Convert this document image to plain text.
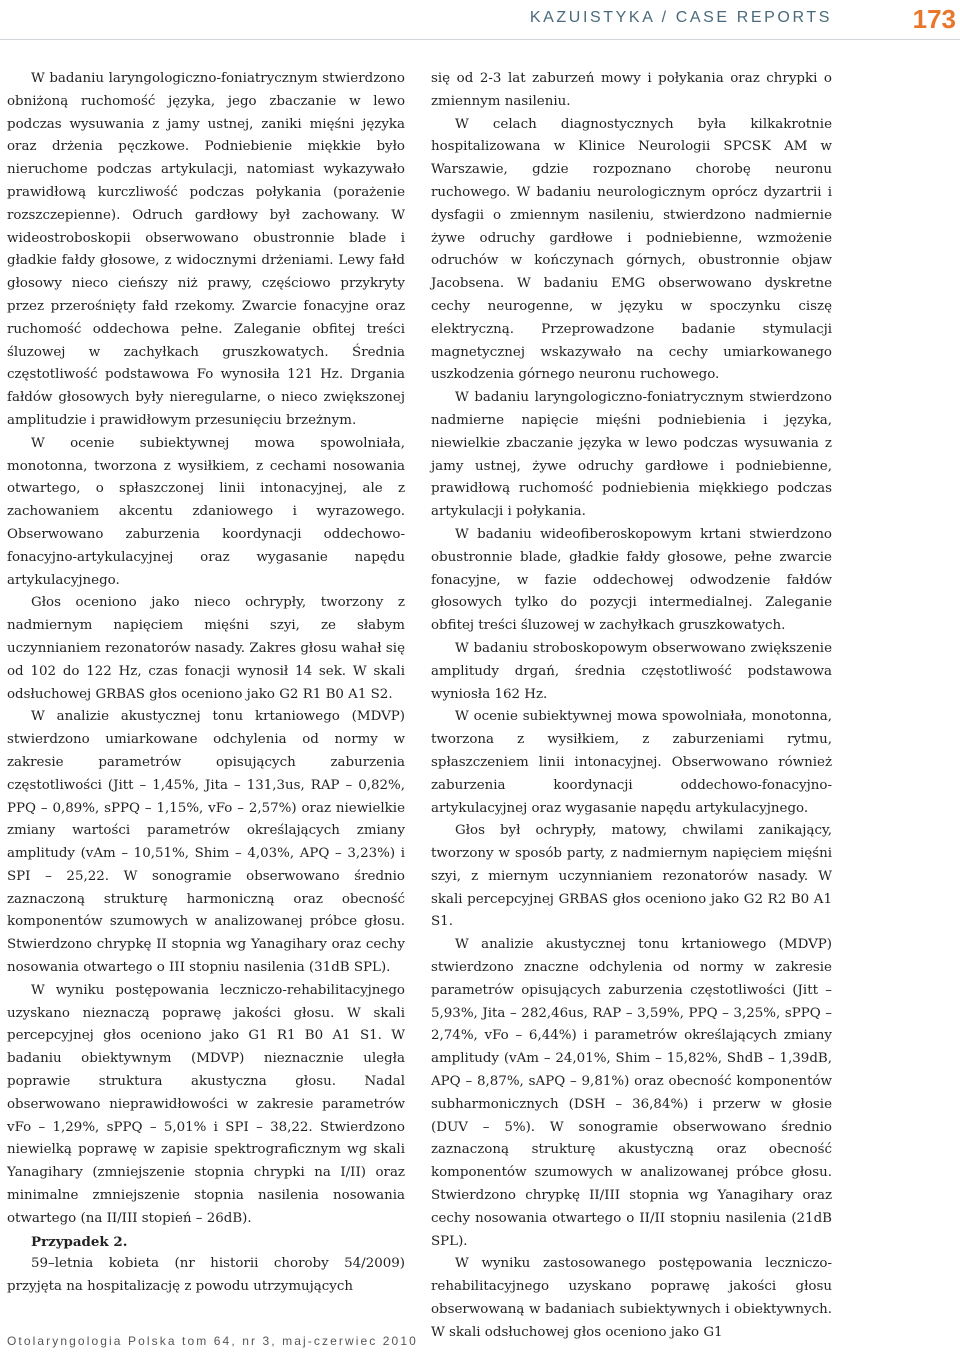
KAZUISTYKA / CASE REPORTS	173

W badaniu laryngologiczno-foniatrycznym stwierdzono obniżoną ruchomość języka, jego zbaczanie w lewo podczas wysuwania z jamy ustnej, zaniki mięśni języka oraz drżenia pęczkowe. Podniebienie miękkie było nieruchome podczas artykulacji, natomiast wykazywało prawidłową kurczliwość podczas połykania (porażenie rozszczepienne). Odruch gardłowy był zachowany. W wideostroboskopii obserwowano obustronnie blade i gładkie fałdy głosowe, z widocznymi drżeniami. Lewy fałd głosowy nieco cieńszy niż prawy, częściowo przykryty przez przerośnięty fałd rzekomy. Zwarcie fonacyjne oraz ruchomość oddechowa pełne. Zaleganie obfitej treści śluzowej w zachyłkach gruszkowatych. Średnia częstotliwość podstawowa Fo wynosiła 121 Hz. Drgania fałdów głosowych były nieregularne, o nieco zwiększonej amplitudzie i prawidłowym przesunięciu brzeżnym.

W ocenie subiektywnej mowa spowolniała, monotonna, tworzona z wysiłkiem, z cechami nosowania otwartego, o spłaszczonej linii intonacyjnej, ale z zachowaniem akcentu zdaniowego i wyrazowego. Obserwowano zaburzenia koordynacji oddechowo-fonacyjno-artykulacyjnej oraz wygasanie napędu artykulacyjnego.

Głos oceniono jako nieco ochrypły, tworzony z nadmiernym napięciem mięśni szyi, ze słabym uczynnianiem rezonatorów nasady. Zakres głosu wahał się od 102 do 122 Hz, czas fonacji wynosił 14 sek. W skali odsłuchowej GRBAS głos oceniono jako G2 R1 B0 A1 S2.

W analizie akustycznej tonu krtaniowego (MDVP) stwierdzono umiarkowane odchylenia od normy w zakresie parametrów opisujących zaburzenia częstotliwości (Jitt – 1,45%, Jita – 131,3us, RAP – 0,82%, PPQ – 0,89%, sPPQ – 1,15%, vFo – 2,57%) oraz niewielkie zmiany wartości parametrów określających zmiany amplitudy (vAm – 10,51%, Shim – 4,03%, APQ – 3,23%) i SPI – 25,22. W sonogramie obserwowano średnio zaznaczoną strukturę harmoniczną oraz obecność komponentów szumowych w analizowanej próbce głosu. Stwierdzono chrypkę II stopnia wg Yanagihary oraz cechy nosowania otwartego o III stopniu nasilenia (31dB SPL).

W wyniku postępowania leczniczo-rehabilitacyjnego uzyskano nieznaczą poprawę jakości głosu. W skali percepcyjnej głos oceniono jako G1 R1 B0 A1 S1. W badaniu obiektywnym (MDVP) nieznacznie uległa poprawie struktura akustyczna głosu. Nadal obserwowano nieprawidłowości w zakresie parametrów vFo – 1,29%, sPPQ – 5,01% i SPI – 38,22. Stwierdzono niewielką poprawę w zapisie spektrograficznym wg skali Yanagihary (zmniejszenie stopnia chrypki na I/II) oraz minimalne zmniejszenie stopnia nasilenia nosowania otwartego (na II/III stopień – 26dB).

Przypadek 2.

59–letnia kobieta (nr historii choroby 54/2009) przyjęta na hospitalizację z powodu utrzymujących

się od 2-3 lat zaburzeń mowy i połykania oraz chrypki o zmiennym nasileniu.

W celach diagnostycznych była kilkakrotnie hospitalizowana w Klinice Neurologii SPCSK AM w Warszawie, gdzie rozpoznano chorobę neuronu ruchowego. W badaniu neurologicznym oprócz dyzartrii i dysfagii o zmiennym nasileniu, stwierdzono nadmiernie żywe odruchy gardłowe i podniebienne, wzmożenie odruchów w kończynach górnych, obustronnie objaw Jacobsena. W badaniu EMG obserwowano dyskretne cechy neurogenne, w języku w spoczynku ciszę elektryczną. Przeprowadzone badanie stymulacji magnetycznej wskazywało na cechy umiarkowanego uszkodzenia górnego neuronu ruchowego.

W badaniu laryngologiczno-foniatrycznym stwierdzono nadmierne napięcie mięśni podniebienia i języka, niewielkie zbaczanie języka w lewo podczas wysuwania z jamy ustnej, żywe odruchy gardłowe i podniebienne, prawidłową ruchomość podniebienia miękkiego podczas artykulacji i połykania.

W badaniu wideofiberoskopowym krtani stwierdzono obustronnie blade, gładkie fałdy głosowe, pełne zwarcie fonacyjne, w fazie oddechowej odwodzenie fałdów głosowych tylko do pozycji intermedialnej. Zaleganie obfitej treści śluzowej w zachyłkach gruszkowatych.

W badaniu stroboskopowym obserwowano zwiększenie amplitudy drgań, średnia częstotliwość podstawowa wyniosła 162 Hz.

W ocenie subiektywnej mowa spowolniała, monotonna, tworzona z wysiłkiem, z zaburzeniami rytmu, spłaszczeniem linii intonacyjnej. Obserwowano również zaburzenia koordynacji oddechowo-fonacyjno-artykulacyjnej oraz wygasanie napędu artykulacyjnego.

Głos był ochrypły, matowy, chwilami zanikający, tworzony w sposób party, z nadmiernym napięciem mięśni szyi, z miernym uczynnianiem rezonatorów nasady. W skali percepcyjnej GRBAS głos oceniono jako G2 R2 B0 A1 S1.

W analizie akustycznej tonu krtaniowego (MDVP) stwierdzono znaczne odchylenia od normy w zakresie parametrów opisujących zaburzenia częstotliwości (Jitt – 5,93%, Jita – 282,46us, RAP – 3,59%, PPQ – 3,25%, sPPQ – 2,74%, vFo – 6,44%) i parametrów określających zmiany amplitudy (vAm – 24,01%, Shim – 15,82%, ShdB – 1,39dB, APQ – 8,87%, sAPQ – 9,81%) oraz obecność komponentów subharmonicznych (DSH – 36,84%) i przerw w głosie (DUV – 5%). W sonogramie obserwowano średnio zaznaczoną strukturę akustyczną oraz obecność komponentów szumowych w analizowanej próbce głosu. Stwierdzono chrypkę II/III stopnia wg Yanagihary oraz cechy nosowania otwartego o II/II stopniu nasilenia (21dB SPL).

W wyniku zastosowanego postępowania leczniczo-rehabilitacyjnego uzyskano poprawę jakości głosu obserwowaną w badaniach subiektywnych i obiektywnych. W skali odsłuchowej głos oceniono jako G1

Otolaryngologia Polska tom 64, nr 3, maj-czerwiec 2010
